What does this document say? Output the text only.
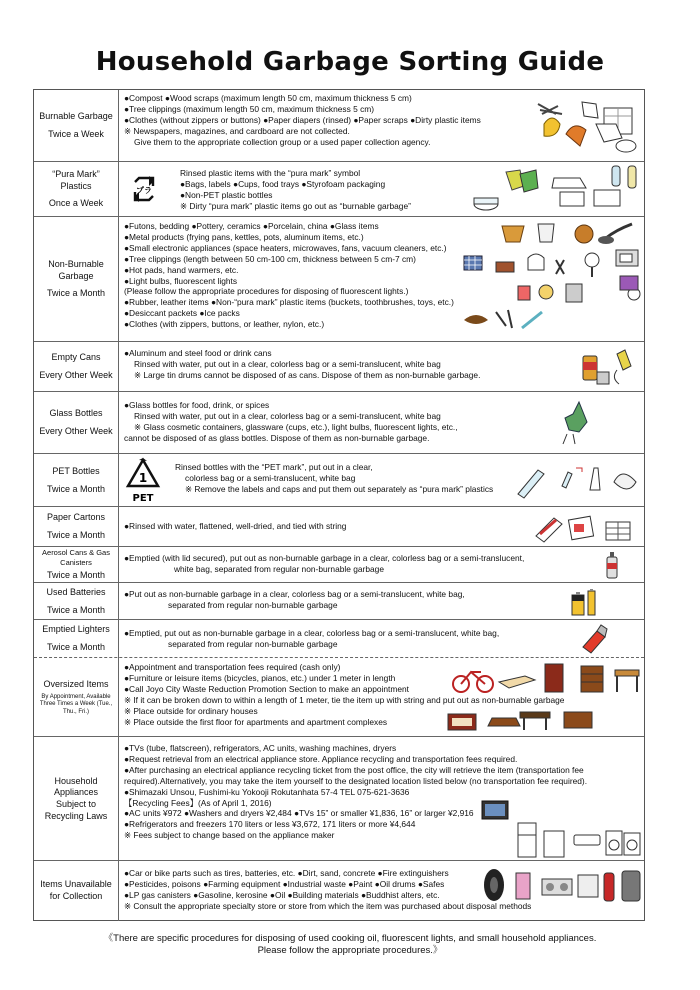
Household Garbage Sorting Guide
Burnable Garbage
Twice a Week
●Compost ●Wood scraps (maximum length 50 cm, maximum thickness 5 cm)
●Tree clippings (maximum length 50 cm, maximum thickness 5 cm)
●Clothes (without zippers or buttons) ●Paper diapers (rinsed) ●Paper scraps ●Dirty plastic items
※ Newspapers, magazines, and cardboard are not collected.
Give them to the appropriate collection group or a used paper collection agency.
“Pura Mark” Plastics
Once a Week
プラ
Rinsed plastic items with the “pura mark” symbol
●Bags, labels ●Cups, food trays ●Styrofoam packaging
●Non-PET plastic bottles
※ Dirty “pura mark” plastic items go out as “burnable garbage”
Non-Burnable Garbage
Twice a Month
●Futons, bedding ●Pottery, ceramics ●Porcelain, china ●Glass items
●Metal products (frying pans, kettles, pots, aluminum items, etc.)
●Small electronic appliances (space heaters, microwaves, fans, vacuum cleaners, etc.)
●Tree clippings (length between 50 cm-100 cm, thickness between 5 cm-7 cm)
●Hot pads, hand warmers, etc.
●Light bulbs, fluorescent lights
(Please follow the appropriate procedures for disposing of fluorescent lights.)
●Rubber, leather items ●Non-“pura mark” plastic items (buckets, toothbrushes, toys, etc.)
●Desiccant packets ●Ice packs
●Clothes (with zippers, buttons, or leather, nylon, etc.)
Empty Cans
Every Other Week
●Aluminum and steel food or drink cans
Rinsed with water, put out in a clear, colorless bag or a semi-translucent, white bag
※ Large tin drums cannot be disposed of as cans. Dispose of them as non-burnable garbage.
Glass Bottles
Every Other Week
●Glass bottles for food, drink, or spices
Rinsed with water, put out in a clear, colorless bag or a semi-translucent, white bag
※ Glass cosmetic containers, glassware (cups, etc.), light bulbs, fluorescent lights, etc.,
cannot be disposed of as glass bottles. Dispose of them as non-burnable garbage.
PET Bottles
Twice a Month
1
PET
Rinsed bottles with the “PET mark”, put out in a clear,
colorless bag or a semi-translucent, white bag
※ Remove the labels and caps and put them out separately as “pura mark” plastics
Paper Cartons
Twice a Month
●Rinsed with water, flattened, well-dried, and tied with string
Aerosol Cans & Gas Canisters
Twice a Month
●Emptied (with lid secured), put out as non-burnable garbage in a clear, colorless bag or a semi-translucent,
white bag, separated from regular non-burnable garbage
Used Batteries
Twice a Month
●Put out as non-burnable garbage in a clear, colorless bag or a semi-translucent, white bag,
separated from regular non-burnable garbage
Emptied Lighters
Twice a Month
●Emptied, put out as non-burnable garbage in a clear, colorless bag or a semi-translucent, white bag,
separated from regular non-burnable garbage
Oversized Items
By Appointment, Available Three Times a Week (Tue., Thu., Fri.)
●Appointment and transportation fees required (cash only)
●Furniture or leisure items (bicycles, pianos, etc.) under 1 meter in length
●Call Joyo City Waste Reduction Promotion Section to make an appointment
※ If it can be broken down to within a length of 1 meter, tie the item up with string and put out as non-burnable garbage
※ Place outside for ordinary houses
※ Place outside the first floor for apartments and apartment complexes
Household Appliances Subject to Recycling Laws
●TVs (tube, flatscreen), refrigerators, AC units, washing machines, dryers
●Request retrieval from an electrical appliance store. Appliance recycling and transportation fees required.
●After purchasing an electrical appliance recycling ticket from the post office, the city will retrieve the item (transportation fee
required).Alternatively, you may take the item yourself to the designated location listed below (no transportation fee required).
●Shimazaki Unsou, Fushimi-ku Yokooji Rokutanhata 57-4 TEL 075-621-3636
【Recycling Fees】(As of April 1, 2016)
●AC units ¥972 ●Washers and dryers ¥2,484 ●TVs 15” or smaller ¥1,836, 16” or larger ¥2,916
●Refrigerators and freezers 170 liters or less ¥3,672, 171 liters or more ¥4,644
※ Fees subject to change based on the appliance maker
Items Unavailable for Collection
●Car or bike parts such as tires, batteries, etc. ●Dirt, sand, concrete ●Fire extinguishers
●Pesticides, poisons ●Farming equipment ●Industrial waste ●Paint ●Oil drums ●Safes
●LP gas canisters ●Gasoline, kerosine ●Oil ●Building materials ●Buddhist alters, etc.
※ Consult the appropriate specialty store or store from which the item was purchased about disposal methods
《There are specific procedures for disposing of used cooking oil, fluorescent lights, and small household appliances.
Please follow the appropriate procedures.》
